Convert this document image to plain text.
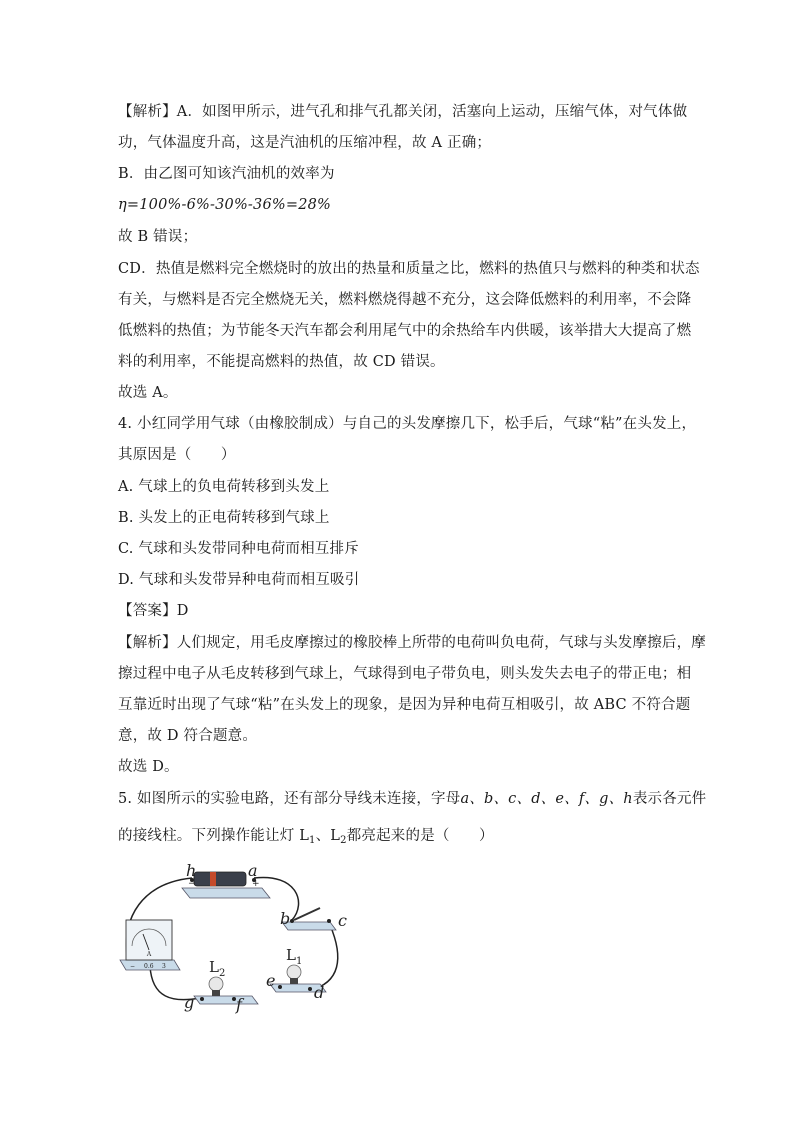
【解析】A．如图甲所示，进气孔和排气孔都关闭，活塞向上运动，压缩气体，对气体做
功，气体温度升高，这是汽油机的压缩冲程，故 A 正确；
B．由乙图可知该汽油机的效率为
η=100%-6%-30%-36%=28%
故 B 错误；
CD．热值是燃料完全燃烧时的放出的热量和质量之比，燃料的热值只与燃料的种类和状态
有关，与燃料是否完全燃烧无关，燃料燃烧得越不充分，这会降低燃料的利用率，不会降
低燃料的热值；为节能冬天汽车都会利用尾气中的余热给车内供暖，该举措大大提高了燃
料的利用率，不能提高燃料的热值，故 CD 错误。
故选 A。
4. 小红同学用气球（由橡胶制成）与自己的头发摩擦几下，松手后，气球“粘”在头发上，
其原因是（　　）
A. 气球上的负电荷转移到头发上
B. 头发上的正电荷转移到气球上
C. 气球和头发带同种电荷而相互排斥
D. 气球和头发带异种电荷而相互吸引
【答案】D
【解析】人们规定，用毛皮摩擦过的橡胶棒上所带的电荷叫负电荷，气球与头发摩擦后，摩
擦过程中电子从毛皮转移到气球上，气球得到电子带负电，则头发失去电子的带正电；相
互靠近时出现了气球“粘”在头发上的现象，是因为异种电荷互相吸引，故 ABC 不符合题
意，故 D 符合题意。
故选 D。
5. 如图所示的实验电路，还有部分导线未连接，字母a、b、c、d、e、f、g、h表示各元件
的接线柱。下列操作能让灯 $L_1$、$L_2$都亮起来的是（　　）
A
− 0.6 3
h	a
−	+
b	c
$L_1$
$L_2$	e
d
g	f
